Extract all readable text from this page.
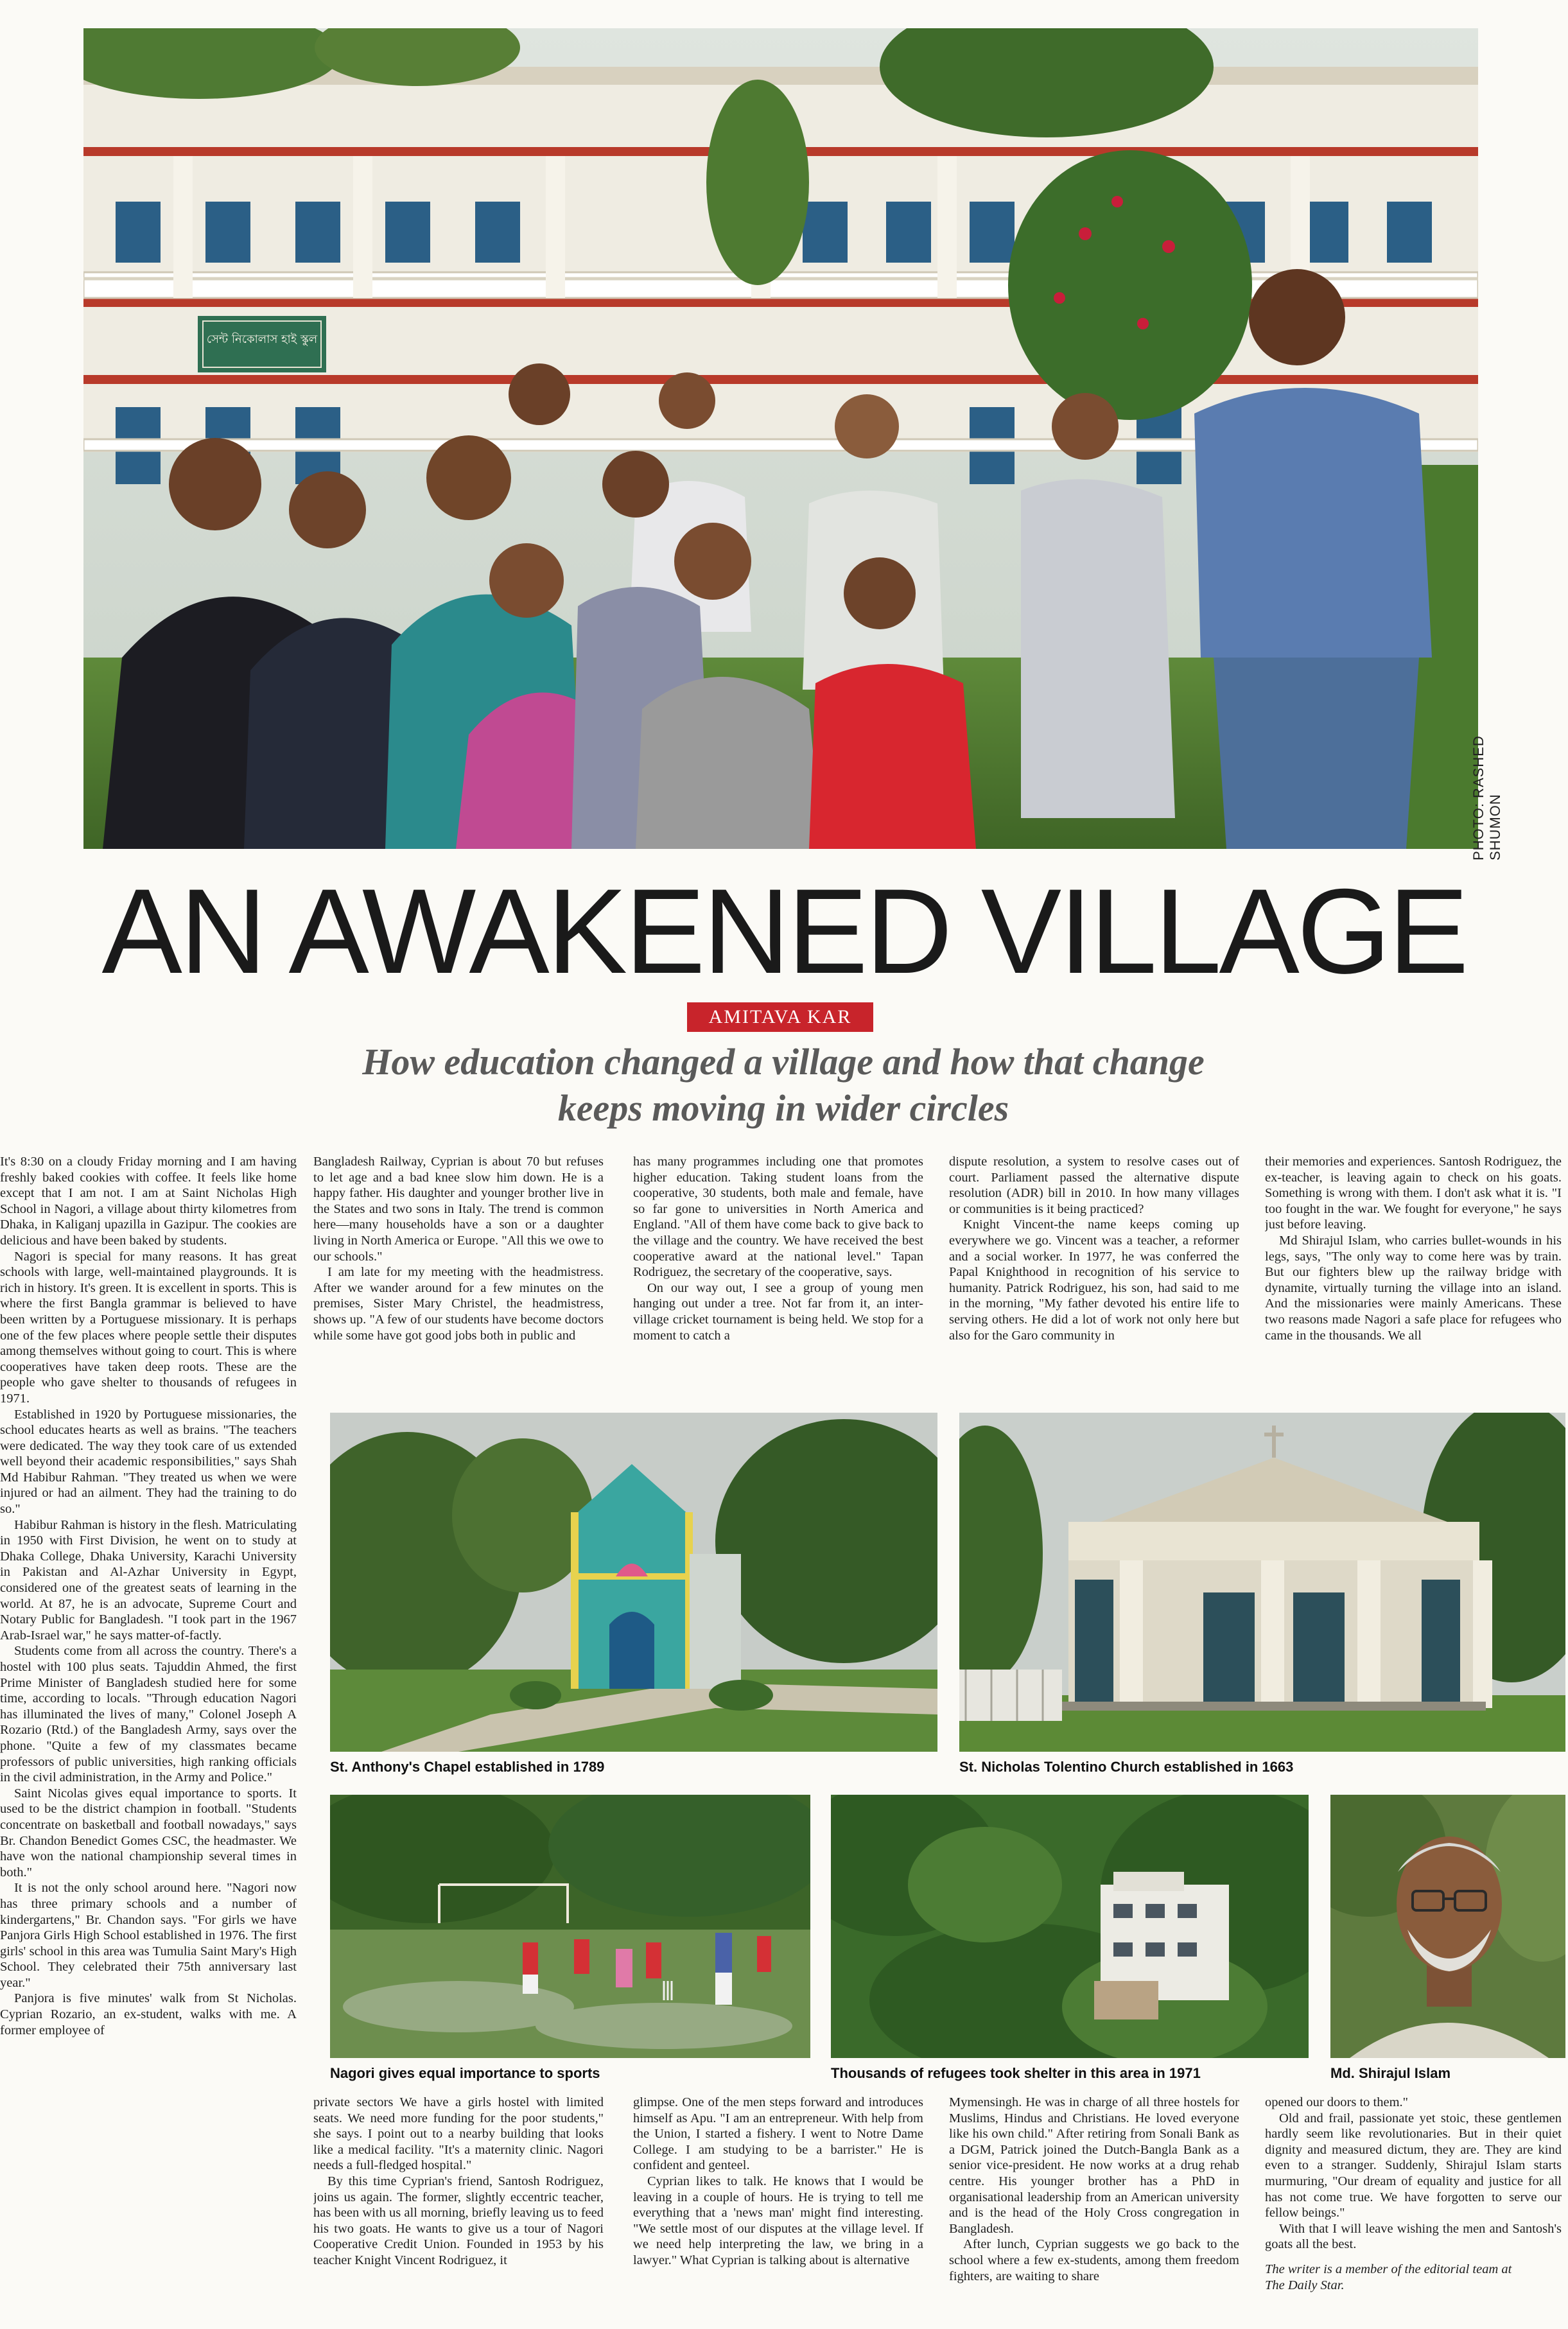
সেন্ট নিকোলাস হাই স্কুল
PHOTO: RASHED SHUMON
AN AWAKENED VILLAGE
AMITAVA KAR
How education changed a village and how that change
keeps moving in wider circles

It's 8:30 on a cloudy Friday morning and I am having freshly baked cookies with coffee. It feels like home except that I am not. I am at Saint Nicholas High School in Nagori, a village about thirty kilometres from Dhaka, in Kaliganj upazilla in Gazipur. The cookies are delicious and have been baked by students.

Nagori is special for many reasons. It has great schools with large, well-maintained playgrounds. It is rich in history. It's green. It is excellent in sports. This is where the first Bangla grammar is believed to have been written by a Portuguese missionary. It is perhaps one of the few places where people settle their disputes among themselves without going to court. This is where cooperatives have taken deep roots. These are the people who gave shelter to thousands of refugees in 1971.

Established in 1920 by Portuguese missionaries, the school educates hearts as well as brains. "The teachers were dedicated. The way they took care of us extended well beyond their academic responsibilities," says Shah Md Habibur Rahman. "They treated us when we were injured or had an ailment. They had the training to do so."

Habibur Rahman is history in the flesh. Matriculating in 1950 with First Division, he went on to study at Dhaka College, Dhaka University, Karachi University in Pakistan and Al-Azhar University in Egypt, considered one of the greatest seats of learning in the world. At 87, he is an advocate, Supreme Court and Notary Public for Bangladesh. "I took part in the 1967 Arab-Israel war," he says matter-of-factly.

Students come from all across the country. There's a hostel with 100 plus seats. Tajuddin Ahmed, the first Prime Minister of Bangladesh studied here for some time, according to locals. "Through education Nagori has illuminated the lives of many," Colonel Joseph A Rozario (Rtd.) of the Bangladesh Army, says over the phone. "Quite a few of my classmates became professors of public universities, high ranking officials in the civil administration, in the Army and Police."

Saint Nicolas gives equal importance to sports. It used to be the district champion in football. "Students concentrate on basketball and football nowadays," says Br. Chandon Benedict Gomes CSC, the headmaster. We have won the national championship several times in both."

It is not the only school around here. "Nagori now has three primary schools and a number of kindergartens," Br. Chandon says. "For girls we have Panjora Girls High School established in 1976. The first girls' school in this area was Tumulia Saint Mary's High School. They celebrated their 75th anniversary last year."

Panjora is five minutes' walk from St Nicholas. Cyprian Rozario, an ex-student, walks with me. A former employee of

Bangladesh Railway, Cyprian is about 70 but refuses to let age and a bad knee slow him down. He is a happy father. His daughter and younger brother live in the States and two sons in Italy. The trend is common here—many households have a son or a daughter living in North America or Europe. "All this we owe to our schools."

I am late for my meeting with the headmistress. After we wander around for a few minutes on the premises, Sister Mary Christel, the headmistress, shows up. "A few of our students have become doctors while some have got good jobs both in public and

has many programmes including one that promotes higher education. Taking student loans from the cooperative, 30 students, both male and female, have so far gone to universities in North America and England. "All of them have come back to give back to the village and the country. We have received the best cooperative award at the national level." Tapan Rodriguez, the secretary of the cooperative, says.

On our way out, I see a group of young men hanging out under a tree. Not far from it, an inter-village cricket tournament is being held. We stop for a moment to catch a

dispute resolution, a system to resolve cases out of court. Parliament passed the alternative dispute resolution (ADR) bill in 2010. In how many villages or communities is it being practiced?

Knight Vincent-the name keeps coming up everywhere we go. Vincent was a teacher, a reformer and a social worker. In 1977, he was conferred the Papal Knighthood in recognition of his service to humanity. Patrick Rodriguez, his son, had said to me in the morning, "My father devoted his entire life to serving others. He did a lot of work not only here but also for the Garo community in

their memories and experiences. Santosh Rodriguez, the ex-teacher, is leaving again to check on his goats. Something is wrong with them. I don't ask what it is. "I too fought in the war. We fought for everyone," he says just before leaving.

Md Shirajul Islam, who carries bullet-wounds in his legs, says, "The only way to come here was by train. But our fighters blew up the railway bridge with dynamite, virtually turning the village into an island. And the missionaries were mainly Americans. These two reasons made Nagori a safe place for refugees who came in the thousands. We all

St. Anthony's Chapel established in 1789	St. Nicholas Tolentino Church established in 1663
Nagori gives equal importance to sports	Thousands of refugees took shelter in this area in 1971	Md. Shirajul Islam

private sectors We have a girls hostel with limited seats. We need more funding for the poor students," she says. I point out to a nearby building that looks like a medical facility. "It's a maternity clinic. Nagori needs a full-fledged hospital."

By this time Cyprian's friend, Santosh Rodriguez, joins us again. The former, slightly eccentric teacher, has been with us all morning, briefly leaving us to feed his two goats. He wants to give us a tour of Nagori Cooperative Credit Union. Founded in 1953 by his teacher Knight Vincent Rodriguez, it

glimpse. One of the men steps forward and introduces himself as Apu. "I am an entrepreneur. With help from the Union, I started a fishery. I went to Notre Dame College. I am studying to be a barrister." He is confident and genteel.

Cyprian likes to talk. He knows that I would be leaving in a couple of hours. He is trying to tell me everything that a 'news man' might find interesting. "We settle most of our disputes at the village level. If we need help interpreting the law, we bring in a lawyer." What Cyprian is talking about is alternative

Mymensingh. He was in charge of all three hostels for Muslims, Hindus and Christians. He loved everyone like his own child." After retiring from Sonali Bank as a DGM, Patrick joined the Dutch-Bangla Bank as a senior vice-president. He now works at a drug rehab centre. His younger brother has a PhD in organisational leadership from an American university and is the head of the Holy Cross congregation in Bangladesh.

After lunch, Cyprian suggests we go back to the school where a few ex-students, among them freedom fighters, are waiting to share

opened our doors to them."

Old and frail, passionate yet stoic, these gentlemen hardly seem like revolutionaries. But in their quiet dignity and measured dictum, they are. They are kind even to a stranger. Suddenly, Shirajul Islam starts murmuring, "Our dream of equality and justice for all has not come true. We have forgotten to serve our fellow beings."

With that I will leave wishing the men and Santosh's goats all the best.

The writer is a member of the editorial team at
The Daily Star.
